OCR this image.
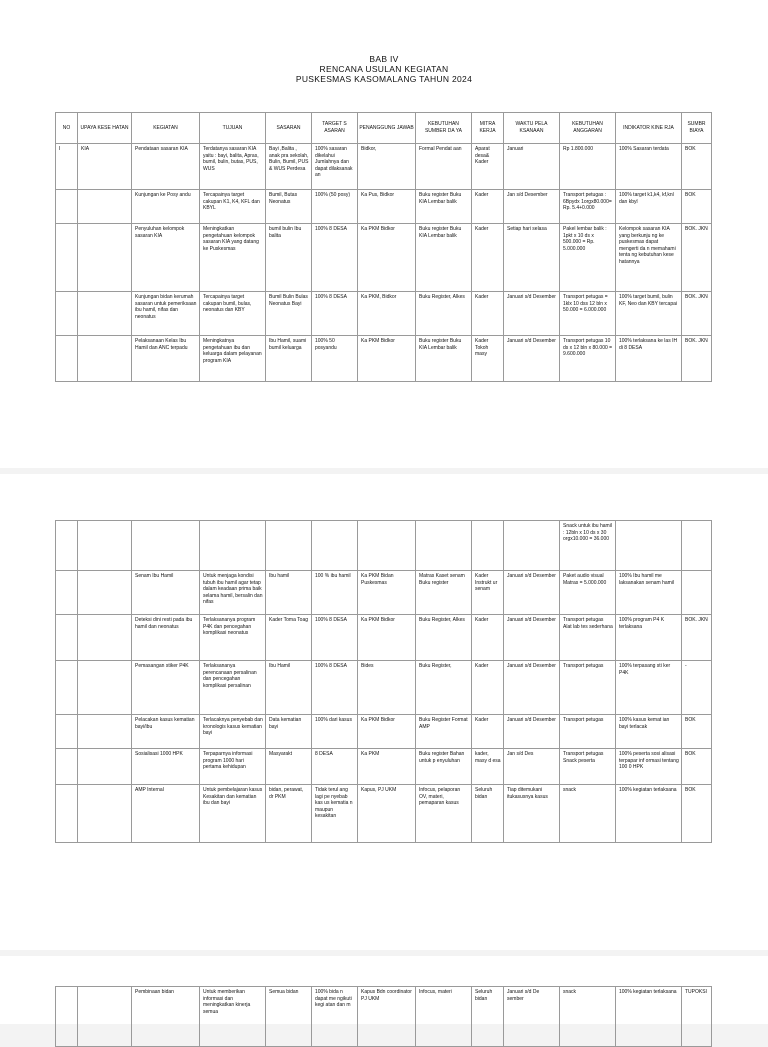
BAB IV
RENCANA USULAN KEGIATAN
PUSKESMAS KASOMALANG TAHUN 2024
NO	UPAYA KESE HATAN	KEGIATAN	TUJUAN	SASARAN	TARGET S ASARAN	PENANGGUNG JAWAB	KEBUTUHAN SUMBER DA YA	MITRA KERJA	WAKTU PELA KSANAAN	KEBUTUHAN ANGGARAN	INDIKATOR KINE RJA	SUMBR BIAYA
I	KIA	Pendataan sasaran KIA	Terdatanya sasaran KIA yaitu : bayi, balita, Apras, bumil, bulin, butas, PUS, WUS	Bayi ,Balita , anak pra sekolah, Bulin, Bumil, PUS & WUS Perdesa	100% sasaran dikelahui Jumlahnya dan dapat dilaksanak an	Bidkor,	Formal Pendat aan	Aparat desa& Kader	Januari	Rp 1.800.000	100% Sasaran terdata	BOK
		Kunjungan ke Posy andu	Tercapainya target cakupan K1, K4, KFL dan KBYL	Bumil, Butas Neonatus	100% (50 posy)	Ka Pus, Bidkor	Buku register Buku KIA Lembar balik	Kader	Jan s/d Desember	Transport petugas : 6Bpydx 1orgx80.000= Rp. 5.4+0.000	100% target k1,k4, kf,knl dan kbyl	BOK
		Penyuluhan kelompok sasaran KIA	Meningkatkan pengetahuan kelompok sasaran KIA yang datang ke Puskesmas	bumil bulin Ibu balita	100% 8 DESA	Ka PKM Bidkor	Buku register Buku KIA Lembar balik	Kader	Setiap hari selasa	Pakel lembar balik : 1pkt x 10 ds x 500.000 = Rp. 5.000.000	Kelompok sasaran KIA yang berkunju ng ke puskesmas dapat mengerti da n memahami tenta ng kebutuhan kese hatannya	BOK. JKN
		Kunjungan bidan kerumah sasaran untuk pemeriksaan ibu hamil, nifas dan neonatus	Tercapainya target cakupan bumil, bulas, neonatus dan KBY	Bumil Bulin Bulas Neonatus Bayi	100% 8 DESA	Ka PKM, Bidkor	Buku Register, Alkes	Kader	Januari s/d Desember	Transport petugas = 1klx 10 dss 12 bln x 50.000 = 6.000.000	100% target bumil, bulin KF, Neo dan KBY tercapai	BOK. JKN
		Pelaksanaan Kelas Ibu Hamil dan ANC terpadu	Meningkatnya pengetahuan ibu dan keluarga dalam pelayanan program KIA	Ibu Hamil, suami bumil keluarga	100% 50 posyandu	Ka PKM Bidkor	Buku register Buku KIA Lembar balik	Kader Tokoh masy	Januari s/d Desember	Transport petugas 10 ds x 12 bln x 80.000 = 9.600.000	100% terlaksana ke las IH di 8 DESA	BOK. JKN
										Snack untuk ibu hamil : 12bln x 10 ds x 30 orgx10.000 = 36.000		
		Senam Ibu Hamil	Untuk menjaga kondisi tubuh ibu hamil agar tetap dalam keadaan prima baik selama hamil, bersalin dan nifas	Ibu hamil	100 % ibu hamil	Ka PKM Bidan Puskesmas	Matras Kaset senam Buku register	Kader Instrukt ur senam	Januari s/d Desember	Paket audio visual Matras = 5.000.000	100% Ibu hamil me laksanakan senam hamil	
		Deteksi dini resti pada ibu hamil dan neonatus	Terlaksananya program P4K dan pencegahan komplikasi neonatus	Kader Toma Toag	100% 8 DESA	Ka PKM Bidkor	Buku Register, Alkes	Kader	Januari s/d Desember	Transport petugas Alat lab tes sederhana	100% program P4 K terlaksana	BOK. JKN
		Pemasangan stiker P4K	Terlaksananya perencanaan persalinan dan pencegahan komplikasi persalinan	Ibu Hamil	100% 8 DESA	Bides	Buku Register,	Kader	Januari s/d Desember	Transport petugas	100% terpasang sti ker P4K	-
		Pelacakan kasus kematian bayi/ibu	Terlacaknya penyebab dan kronologis kasus kematian bayi	Data kematian bayi	100% dari kasus	Ka PKM Bidkor	Buku Register Format AMP	Kader	Januari s/d Desember	Transport petugas	100% kasus kemat ian bayi terlacak	BOK
		Sosialisasi 1000 HPK	Terpaparnya informasi program 1000 hari pertama kehidupan	Masyarakt	8 DESA	Ka PKM	Buku register Bahan untuk p enyuluhan	kader, masy d esa	Jan s/d Des	Transport petugas Snack peserta	100% peserta sosi alisasi terpapar inf ormasi tentang 100 0 HPK	BOK
		AMP Internal	Untuk pembelajaran kasus Kesakitan dan kematian ibu dan bayi	bidan, perawat, dr PKM	Tidak terul ang lagi pe nyebab kas us kematia n maupun kesakitan	Kapus, PJ UKM	Infocus, pelaporan OV, materi, pemaparan kasus	Seluruh bidan	Tiap ditemukani itukasusnya kasus	snack	100% kegiatan terlaksana	BOK
		Pembinaan bidan	Untuk memberikan informasi dan meningkatkan kinerja semua	Semua bidan	100% bida n dapat me ngikuti kegi atan dan m	Kapus Bdn coordinator PJ UKM	Infocus, materi	Seluruh bidan	Januari s/d De sember	snack	100% kegiatan terlaksana	TUPOKSI
